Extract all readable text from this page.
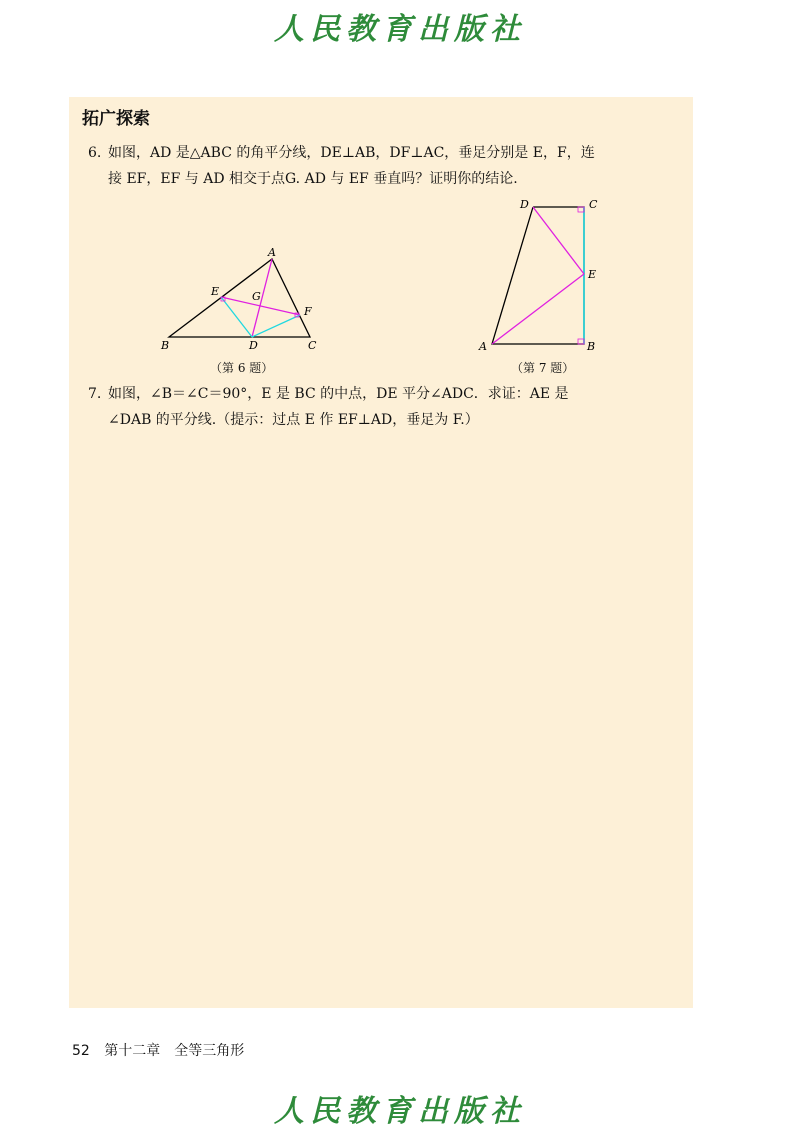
人民教育出版社
拓广探索
6. 如图，AD 是△ABC 的角平分线，DE⊥AB，DF⊥AC，垂足分别是 E，F，连
接 EF，EF 与 AD 相交于点G. AD 与 EF 垂直吗？证明你的结论.
A
B	C
D
E
F
G
（第 6 题）
D	C
E
A	B
（第 7 题）
7. 如图，∠B＝∠C＝90°，E 是 BC 的中点，DE 平分∠ADC．求证：AE 是
∠DAB 的平分线.（提示：过点 E 作 EF⊥AD，垂足为 F.）
52 第十二章　全等三角形
人民教育出版社
